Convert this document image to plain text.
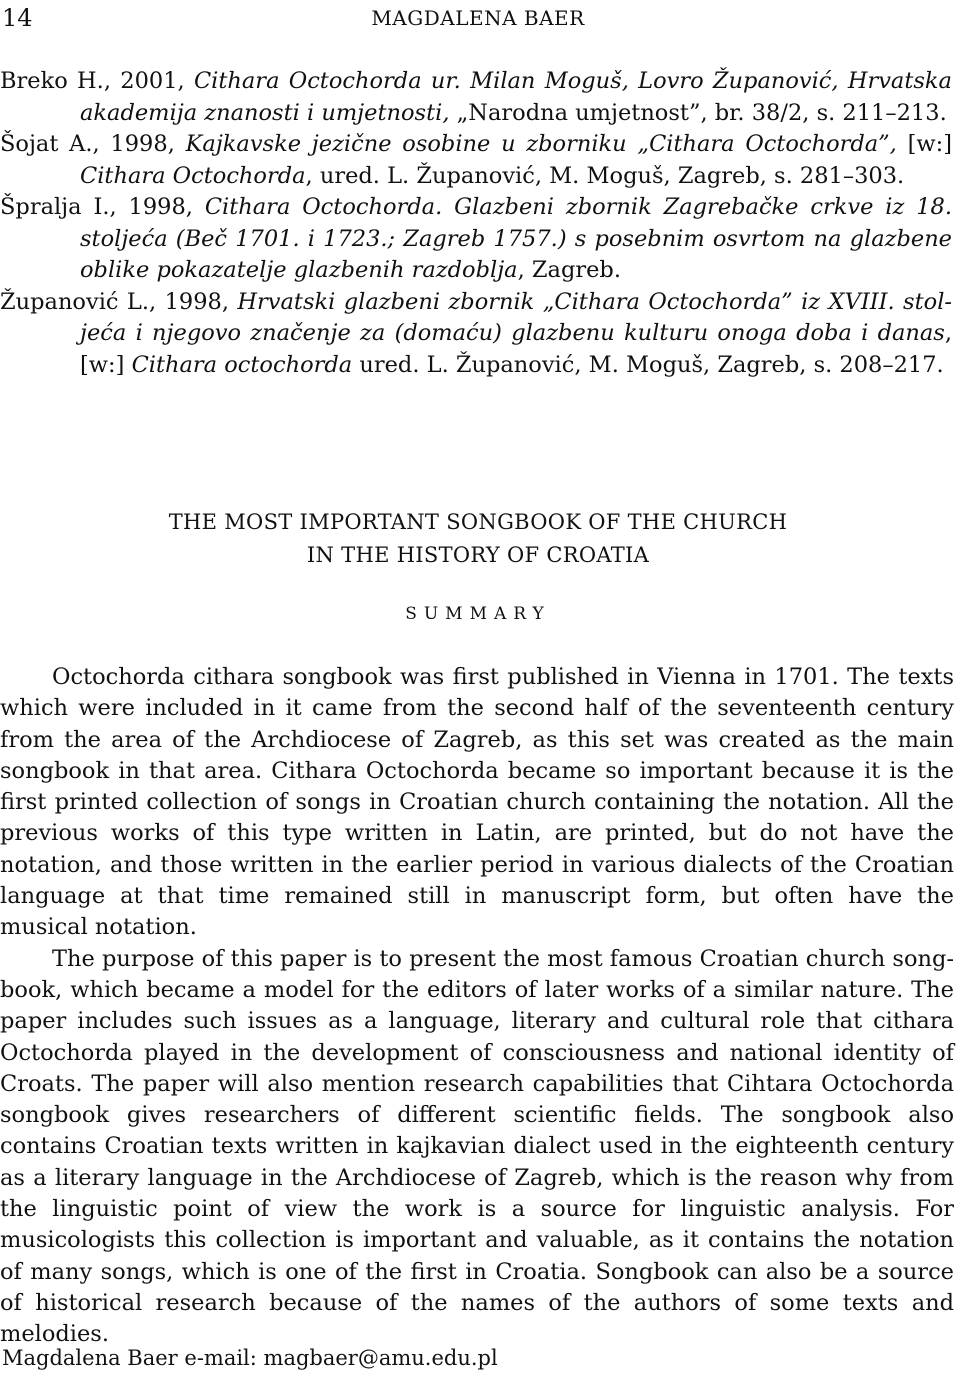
14	MAGDALENA BAER

Breko H., 2001, Cithara Octochorda ur. Milan Moguš, Lovro Županović, Hrvatska akademija znanosti i umjetnosti, „Narodna umjetnost”, br. 38/2, s. 211–213.

Šojat A., 1998, Kajkavske jezične osobine u zborniku „Cithara Octochorda”, [w:] Cithara Octochorda, ured. L. Županović, M. Moguš, Zagreb, s. 281–303.

Špralja I., 1998, Cithara Octochorda. Glazbeni zbornik Zagrebačke crkve iz 18. stoljeća (Beč 1701. i 1723.; Zagreb 1757.) s posebnim osvrtom na glazbene oblike pokazatelje glazbenih razdoblja, Zagreb.

Županović L., 1998, Hrvatski glazbeni zbornik „Cithara Octochorda” iz XVIII. stoljeća i njegovo značenje za (domaću) glazbenu kulturu onoga doba i danas, [w:] Cithara octochorda ured. L. Županović, M. Moguš, Zagreb, s. 208–217.

THE MOST IMPORTANT SONGBOOK OF THE CHURCH
IN THE HISTORY OF CROATIA
SUMMARY

Octochorda cithara songbook was first published in Vienna in 1701. The texts which were included in it came from the second half of the seventeenth century from the area of the Archdiocese of Zagreb, as this set was created as the main songbook in that area. Cithara Octochorda became so important because it is the first printed collection of songs in Croatian church containing the notation. All the previous works of this type written in Latin, are printed, but do not have the notation, and those written in the earlier period in various dialects of the Croatian language at that time remained still in manuscript form, but often have the musical notation.

The purpose of this paper is to present the most famous Croatian church songbook, which became a model for the editors of later works of a similar nature. The paper includes such issues as a language, literary and cultural role that cithara Octochorda played in the development of consciousness and national identity of Croats. The paper will also mention research capabilities that Cihtara Octochorda songbook gives researchers of different scientific fields. The songbook also contains Croatian texts written in kajkavian dialect used in the eighteenth century as a literary language in the Archdiocese of Zagreb, which is the reason why from the linguistic point of view the work is a source for linguistic analysis. For musicologists this collection is important and valuable, as it contains the notation of many songs, which is one of the first in Croatia. Songbook can also be a source of historical research because of the names of the authors of some texts and melodies.

Magdalena Baer e-mail: magbaer@amu.edu.pl
